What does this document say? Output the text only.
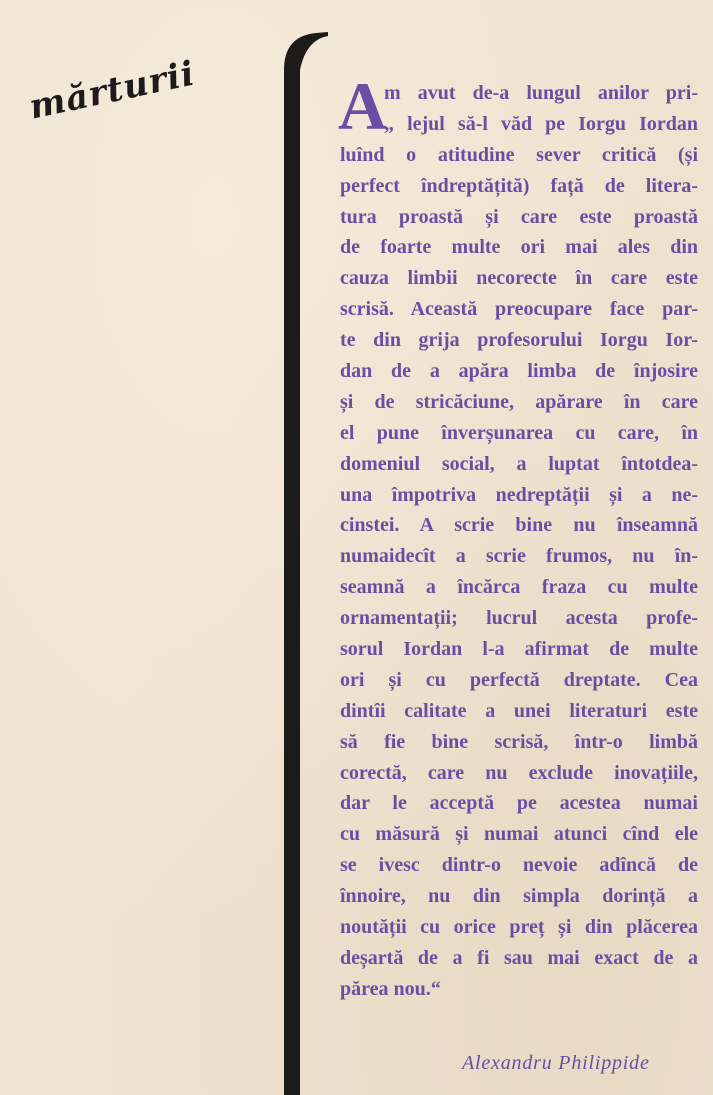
mărturii A
m avut de-a lungul anilor pri-
„ lejul să-l văd pe Iorgu Iordan
luînd o atitudine sever critică (și
perfect îndreptățită) față de litera-
tura proastă și care este proastă
de foarte multe ori mai ales din
cauza limbii necorecte în care este
scrisă. Această preocupare face par-
te din grija profesorului Iorgu Ior-
dan de a apăra limba de înjosire
și de stricăciune, apărare în care
el pune înverșunarea cu care, în
domeniul social, a luptat întotdea-
una împotriva nedreptății și a ne-
cinstei. A scrie bine nu înseamnă
numaidecît a scrie frumos, nu în-
seamnă a încărca fraza cu multe
ornamentații; lucrul acesta profe-
sorul Iordan l-a afirmat de multe
ori și cu perfectă dreptate. Cea
dintîi calitate a unei literaturi este
să fie bine scrisă, într-o limbă
corectă, care nu exclude inovațiile,
dar le acceptă pe acestea numai
cu măsură și numai atunci cînd ele
se ivesc dintr-o nevoie adîncă de
înnoire, nu din simpla dorință a
noutății cu orice preț și din plăcerea
deșartă de a fi sau mai exact de a
părea nou.“
Alexandru Philippide
